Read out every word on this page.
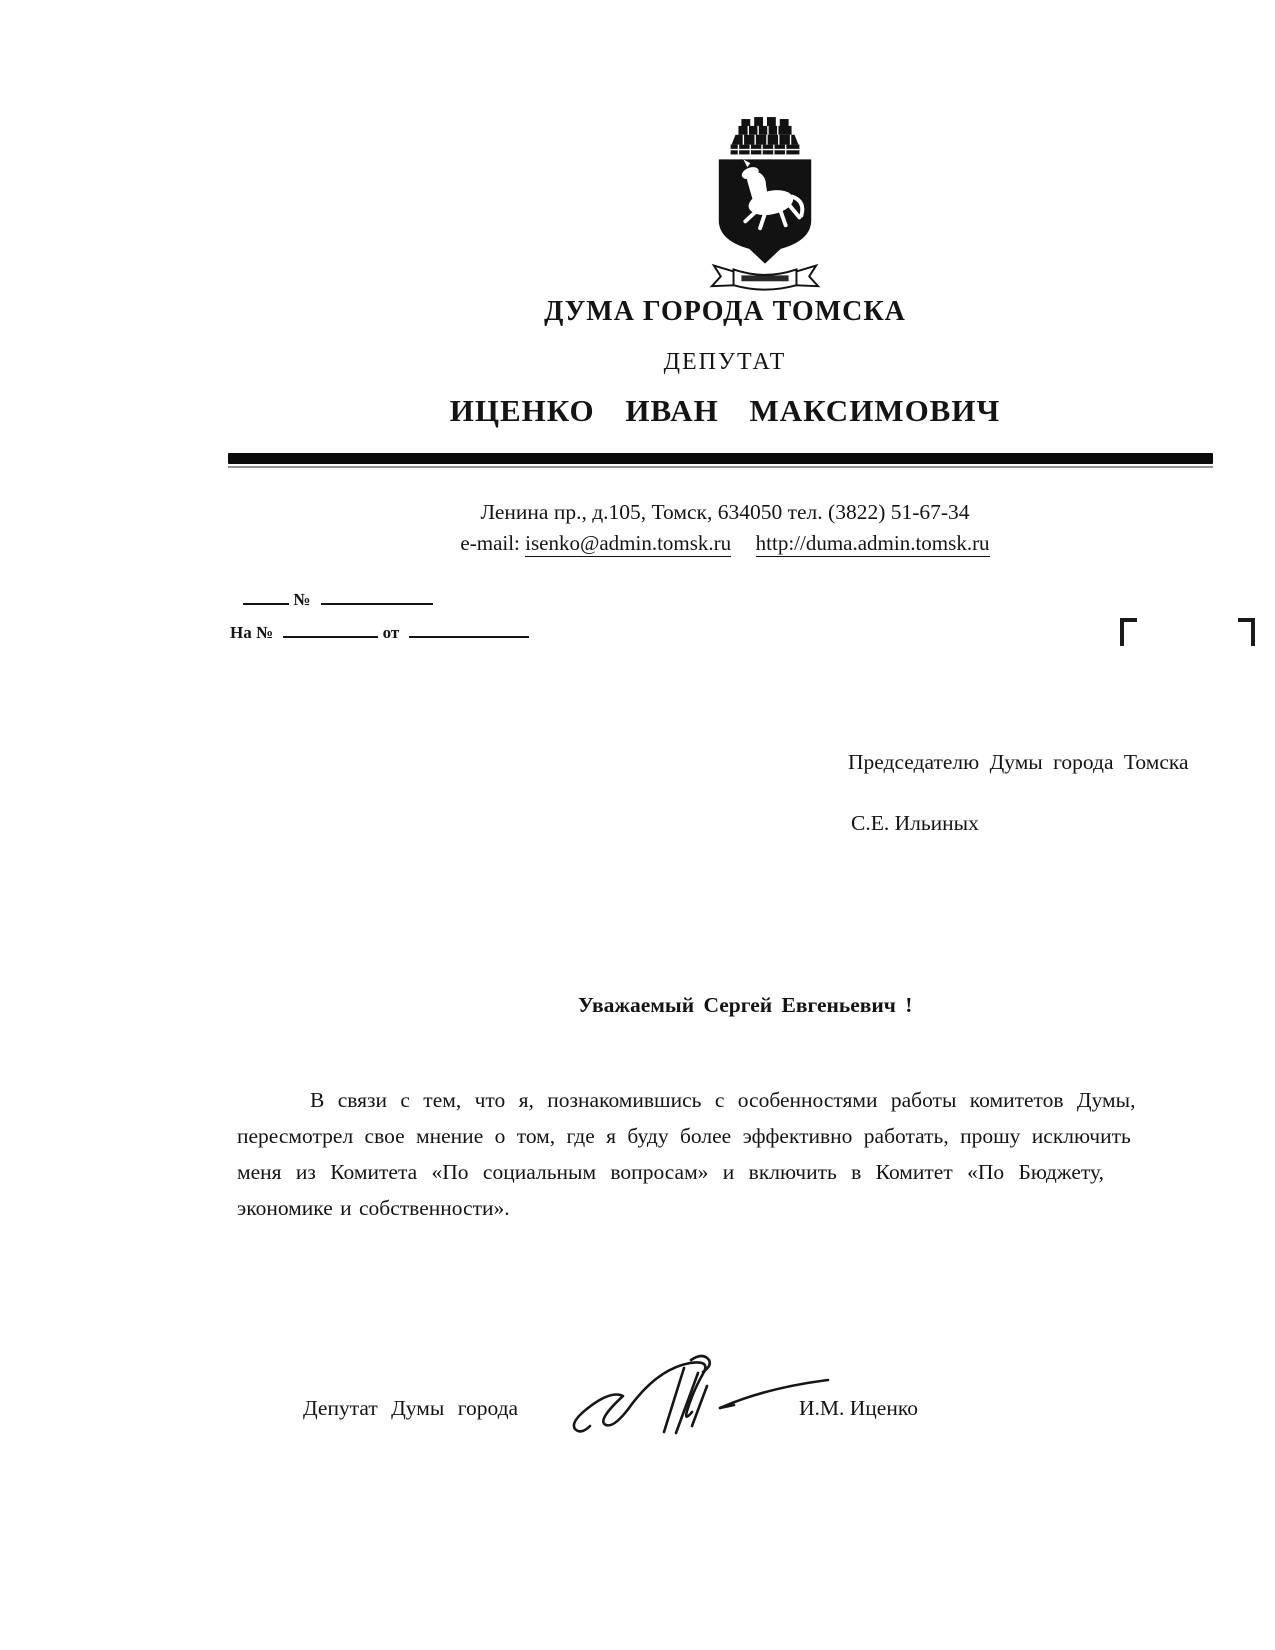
ДУМА ГОРОДА ТОМСКА
ДЕПУТАТ
ИЦЕНКО ИВАН МАКСИМОВИЧ
Ленина пр., д.105, Томск, 634050 тел. (3822) 51-67-34
e-mail: isenko@admin.tomsk.ru http://duma.admin.tomsk.ru
№
На №	от
Председателю Думы города Томска
С.Е. Ильиных
Уважаемый Сергей Евгеньевич !
В связи с тем, что я, познакомившись с особенностями работы комитетов Думы,
пересмотрел свое мнение о том, где я буду более эффективно работать, прошу исключить
меня из Комитета «По социальным вопросам» и включить в Комитет «По Бюджету,
экономике и собственности».
Депутат Думы города	И.М. Иценко
